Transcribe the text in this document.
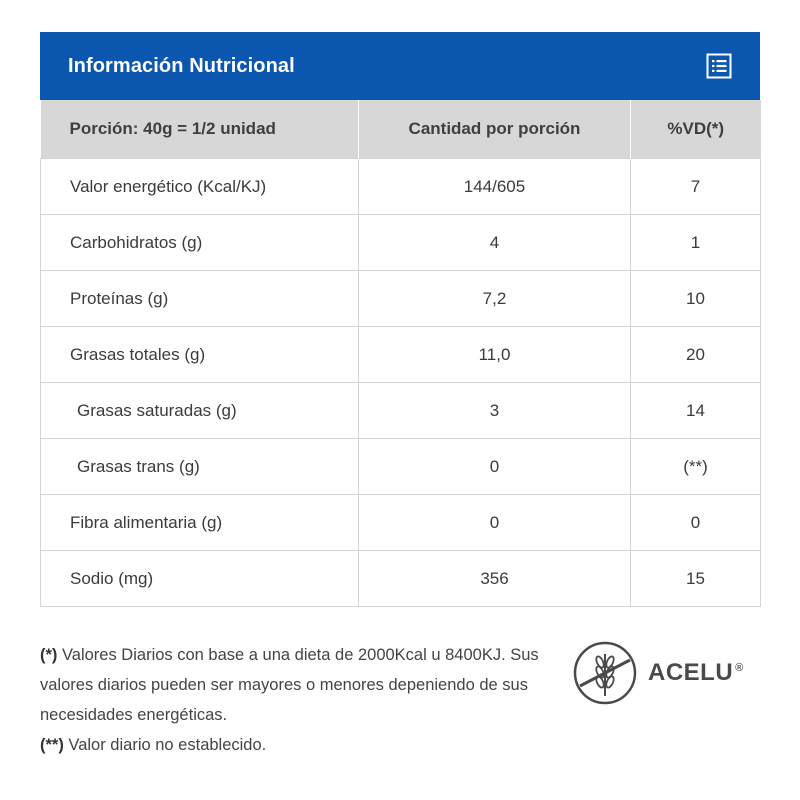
Información Nutricional
Porción: 40g = 1/2 unidad	Cantidad por porción	%VD(*)
Valor energético (Kcal/KJ)	144/605	7
Carbohidratos (g)	4	1
Proteínas (g)	7,2	10
Grasas totales (g)	11,0	20
Grasas saturadas (g)	3	14
Grasas trans (g)	0	(**)
Fibra alimentaria (g)	0	0
Sodio (mg)	356	15
(*) Valores Diarios con base a una dieta de 2000Kcal u 8400KJ. Sus valores diarios pueden ser mayores o menores depeniendo de sus necesidades energéticas.
(**) Valor diario no establecido.
ACELU ®
